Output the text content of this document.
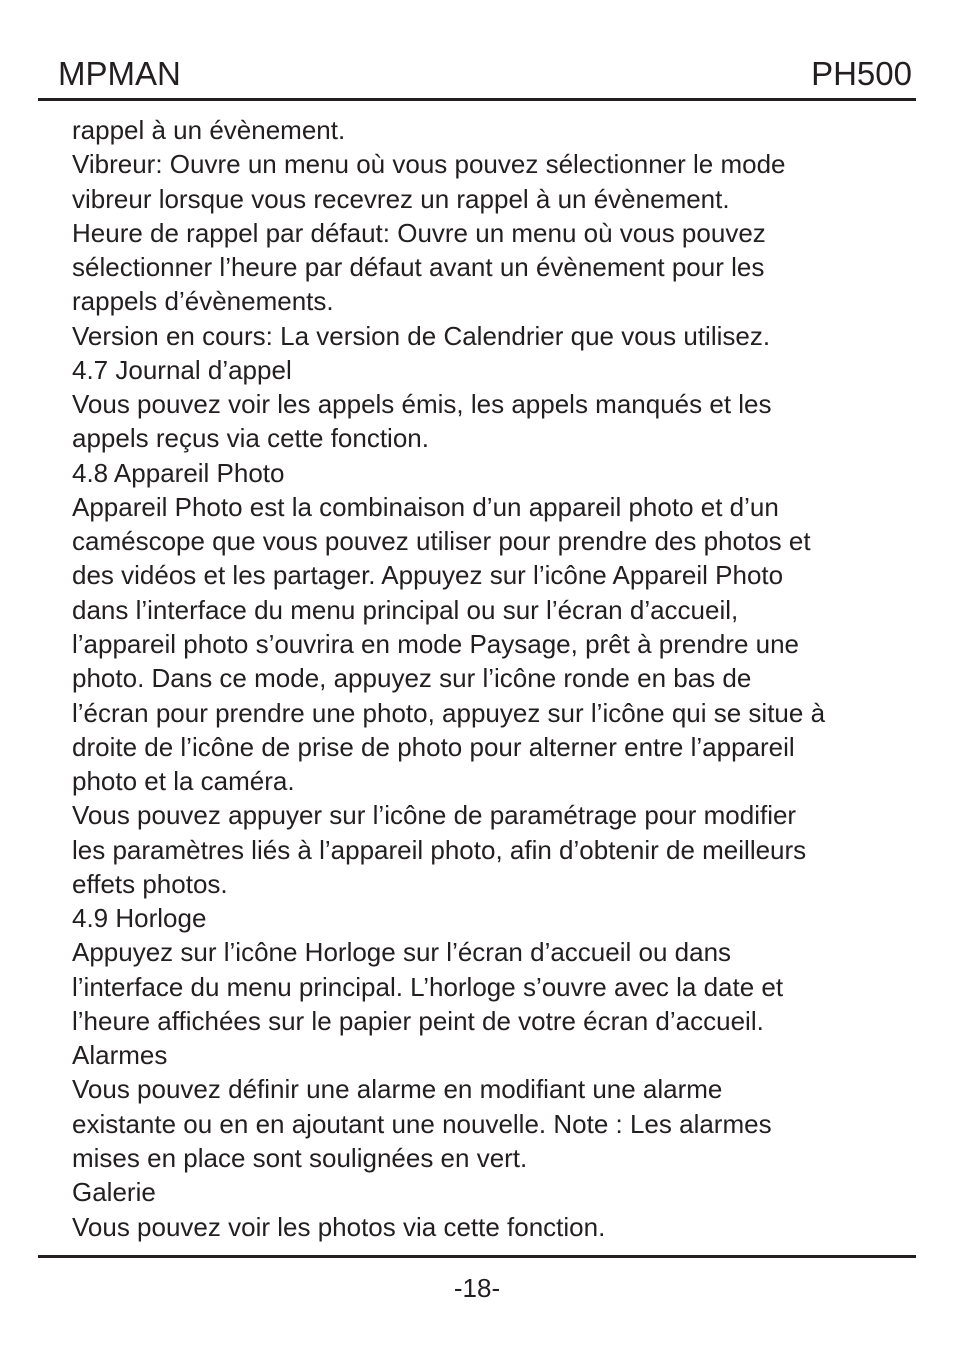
MPMAN	PH500
rappel à un évènement.
Vibreur: Ouvre un menu où vous pouvez sélectionner le mode
vibreur lorsque vous recevrez un rappel à un évènement.
Heure de rappel par défaut: Ouvre un menu où vous pouvez
sélectionner l’heure par défaut avant un évènement pour les
rappels d’évènements.
Version en cours: La version de Calendrier que vous utilisez.
4.7 Journal d’appel
Vous pouvez voir les appels émis, les appels manqués et les
appels reçus via cette fonction.
4.8 Appareil Photo
Appareil Photo est la combinaison d’un appareil photo et d’un
caméscope que vous pouvez utiliser pour prendre des photos et
des vidéos et les partager. Appuyez sur l’icône Appareil Photo
dans l’interface du menu principal ou sur l’écran d’accueil,
l’appareil photo s’ouvrira en mode Paysage, prêt à prendre une
photo. Dans ce mode, appuyez sur l’icône ronde en bas de
l’écran pour prendre une photo, appuyez sur l’icône qui se situe à
droite de l’icône de prise de photo pour alterner entre l’appareil
photo et la caméra.
Vous pouvez appuyer sur l’icône de paramétrage pour modifier
les paramètres liés à l’appareil photo, afin d’obtenir de meilleurs
effets photos.
4.9 Horloge
Appuyez sur l’icône Horloge sur l’écran d’accueil ou dans
l’interface du menu principal. L’horloge s’ouvre avec la date et
l’heure affichées sur le papier peint de votre écran d’accueil.
Alarmes
Vous pouvez définir une alarme en modifiant une alarme
existante ou en en ajoutant une nouvelle. Note : Les alarmes
mises en place sont soulignées en vert.
Galerie
Vous pouvez voir les photos via cette fonction.
-18-
